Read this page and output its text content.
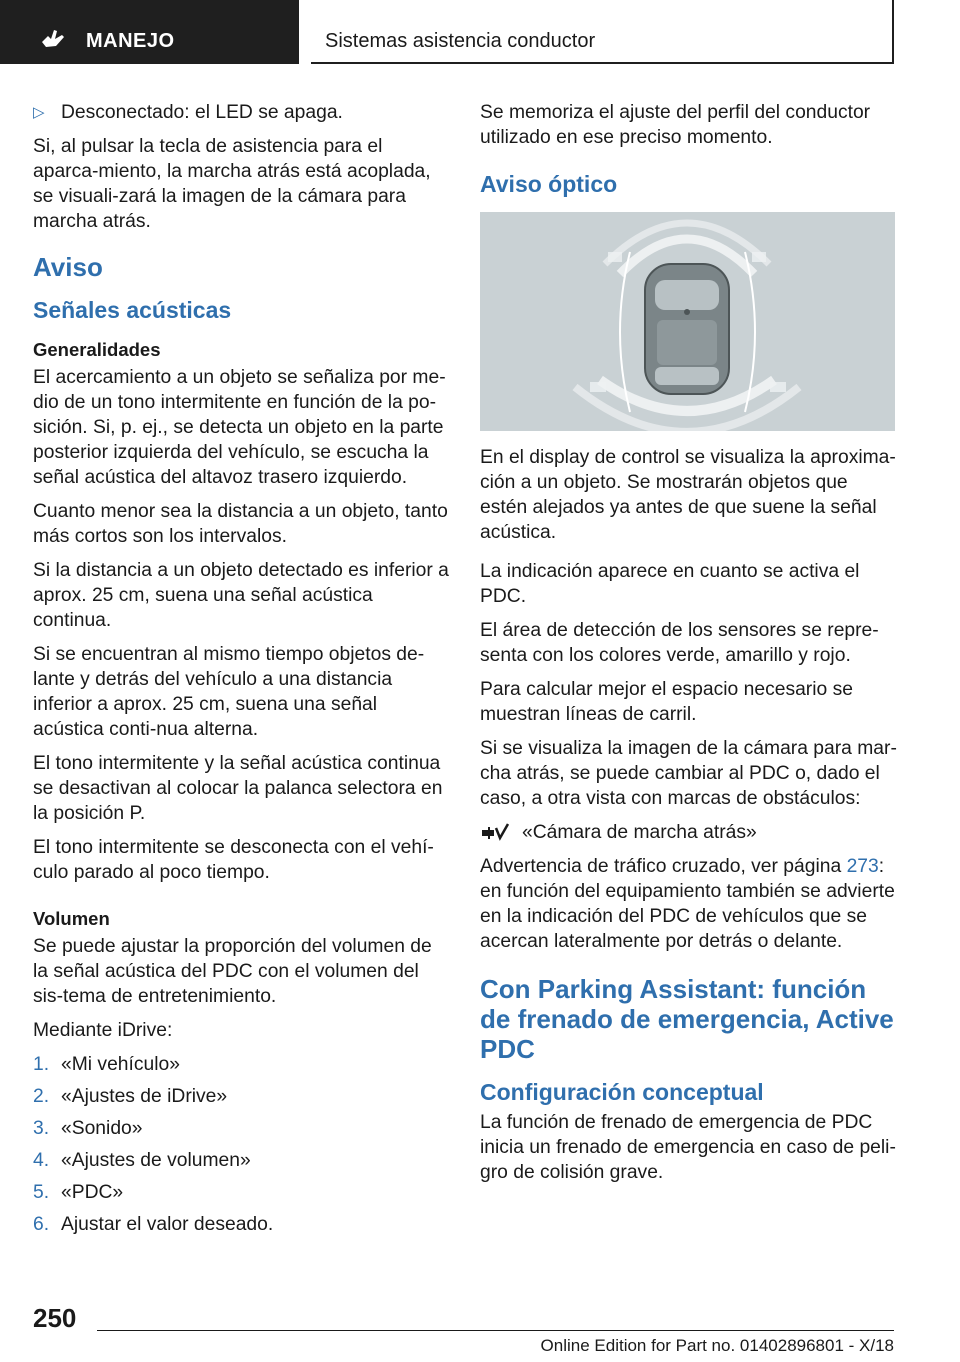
MANEJO	Sistemas asistencia conductor

▷ Desconectado: el LED se apaga.

Si, al pulsar la tecla de asistencia para el aparca-miento, la marcha atrás está acoplada, se visuali-zará la imagen de la cámara para marcha atrás.

Aviso
Señales acústicas
Generalidades

El acercamiento a un objeto se señaliza por me-dio de un tono intermitente en función de la po-sición. Si, p. ej., se detecta un objeto en la parte posterior izquierda del vehículo, se escucha la señal acústica del altavoz trasero izquierdo.

Cuanto menor sea la distancia a un objeto, tanto más cortos son los intervalos.

Si la distancia a un objeto detectado es inferior a aprox. 25 cm, suena una señal acústica continua.

Si se encuentran al mismo tiempo objetos de-lante y detrás del vehículo a una distancia inferior a aprox. 25 cm, suena una señal acústica conti-nua alterna.

El tono intermitente y la señal acústica continua se desactivan al colocar la palanca selectora en la posición P.

El tono intermitente se desconecta con el vehí-culo parado al poco tiempo.

Volumen

Se puede ajustar la proporción del volumen de la señal acústica del PDC con el volumen del sis-tema de entretenimiento.

Mediante iDrive:

1. «Mi vehículo»
2. «Ajustes de iDrive»
3. «Sonido»
4. «Ajustes de volumen»
5. «PDC»
6. Ajustar el valor deseado.

Se memoriza el ajuste del perfil del conductor utilizado en ese preciso momento.

Aviso óptico

En el display de control se visualiza la aproxima-ción a un objeto. Se mostrarán objetos que estén alejados ya antes de que suene la señal acústica.

La indicación aparece en cuanto se activa el PDC.

El área de detección de los sensores se repre-senta con los colores verde, amarillo y rojo.

Para calcular mejor el espacio necesario se muestran líneas de carril.

Si se visualiza la imagen de la cámara para mar-cha atrás, se puede cambiar al PDC o, dado el caso, a otra vista con marcas de obstáculos:

«Cámara de marcha atrás»

Advertencia de tráfico cruzado, ver página 273: en función del equipamiento también se advierte en la indicación del PDC de vehículos que se acercan lateralmente por detrás o delante.

Con Parking Assistant: función de frenado de emergencia, Active PDC
Configuración conceptual

La función de frenado de emergencia de PDC inicia un frenado de emergencia en caso de peli-gro de colisión grave.

250
Online Edition for Part no. 01402896801 - X/18
